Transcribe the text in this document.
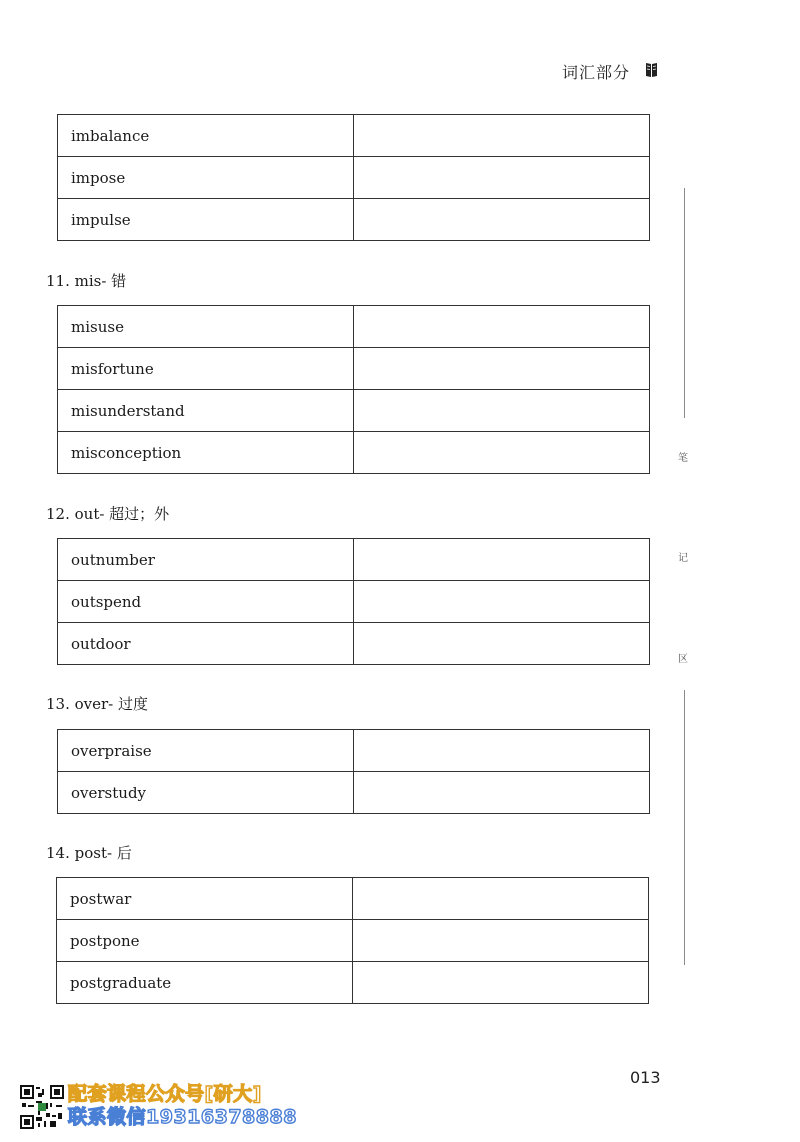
词汇部分
imbalance	
impose	
impulse	
11. mis- 错
misuse	
misfortune	
misunderstand	
misconception	
12. out- 超过；外
outnumber	
outspend	
outdoor	
13. over- 过度
overpraise	
overstudy	
14. post- 后
postwar	
postpone	
postgraduate	
笔
记
区
013
配套课程公众号[研大]
联系微信19316378888
